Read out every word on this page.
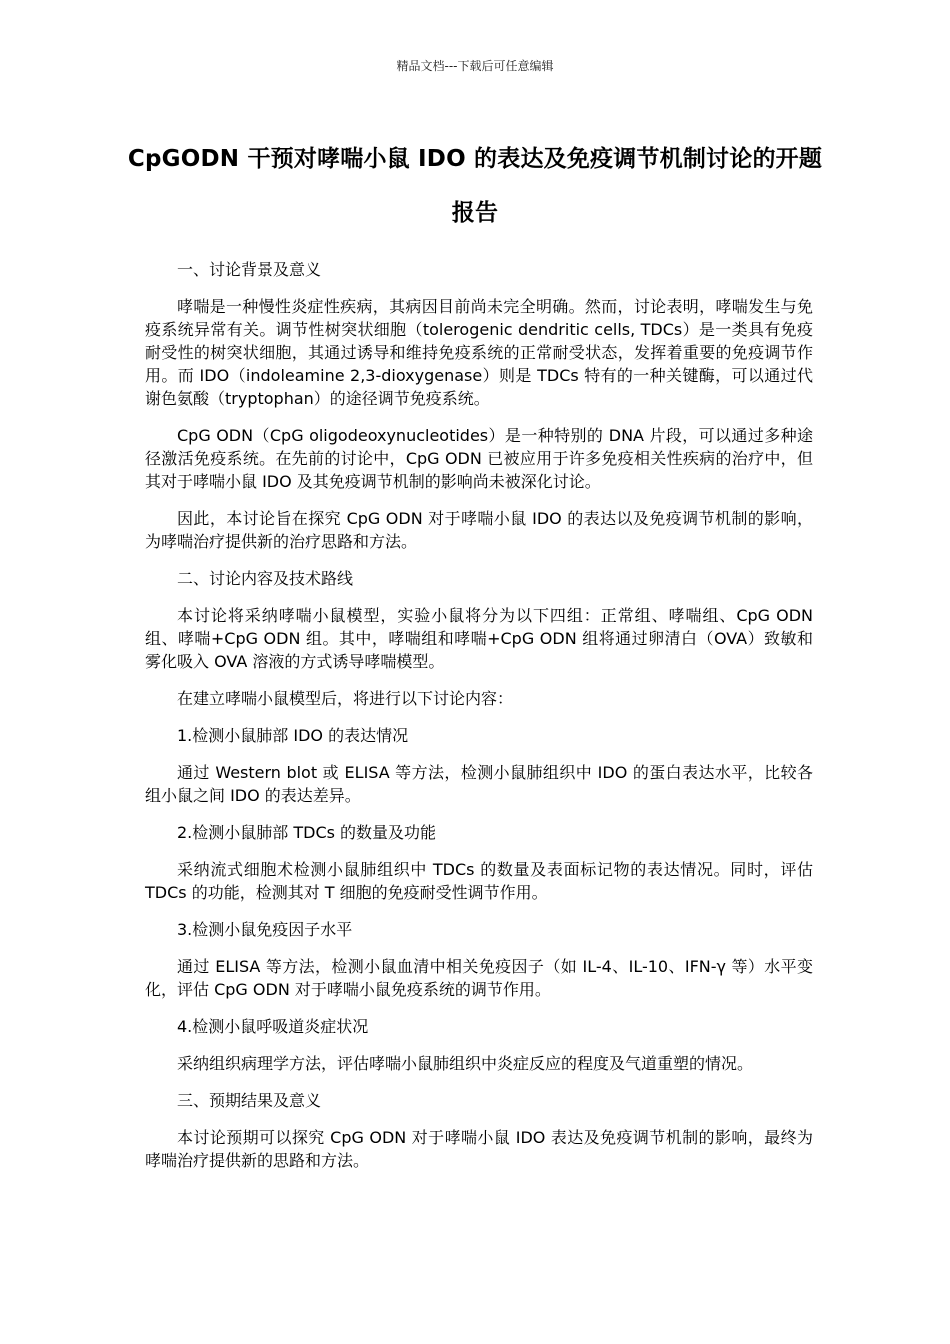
精品文档---下载后可任意编辑
CpGODN 干预对哮喘小鼠 IDO 的表达及免疫调节机制讨论的开题报告

一、讨论背景及意义

哮喘是一种慢性炎症性疾病，其病因目前尚未完全明确。然而，讨论表明，哮喘发生与免疫系统异常有关。调节性树突状细胞（tolerogenic dendritic cells, TDCs）是一类具有免疫耐受性的树突状细胞，其通过诱导和维持免疫系统的正常耐受状态，发挥着重要的免疫调节作用。而 IDO（indoleamine 2,3-dioxygenase）则是 TDCs 特有的一种关键酶，可以通过代谢色氨酸（tryptophan）的途径调节免疫系统。

CpG ODN（CpG oligodeoxynucleotides）是一种特别的 DNA 片段，可以通过多种途径激活免疫系统。在先前的讨论中，CpG ODN 已被应用于许多免疫相关性疾病的治疗中，但其对于哮喘小鼠 IDO 及其免疫调节机制的影响尚未被深化讨论。

因此，本讨论旨在探究 CpG ODN 对于哮喘小鼠 IDO 的表达以及免疫调节机制的影响，为哮喘治疗提供新的治疗思路和方法。

二、讨论内容及技术路线

本讨论将采纳哮喘小鼠模型，实验小鼠将分为以下四组：正常组、哮喘组、CpG ODN 组、哮喘+CpG ODN 组。其中，哮喘组和哮喘+CpG ODN 组将通过卵清白（OVA）致敏和雾化吸入 OVA 溶液的方式诱导哮喘模型。

在建立哮喘小鼠模型后，将进行以下讨论内容：

1.检测小鼠肺部 IDO 的表达情况

通过 Western blot 或 ELISA 等方法，检测小鼠肺组织中 IDO 的蛋白表达水平，比较各组小鼠之间 IDO 的表达差异。

2.检测小鼠肺部 TDCs 的数量及功能

采纳流式细胞术检测小鼠肺组织中 TDCs 的数量及表面标记物的表达情况。同时，评估 TDCs 的功能，检测其对 T 细胞的免疫耐受性调节作用。

3.检测小鼠免疫因子水平

通过 ELISA 等方法，检测小鼠血清中相关免疫因子（如 IL-4、IL-10、IFN-γ 等）水平变化，评估 CpG ODN 对于哮喘小鼠免疫系统的调节作用。

4.检测小鼠呼吸道炎症状况

采纳组织病理学方法，评估哮喘小鼠肺组织中炎症反应的程度及气道重塑的情况。

三、预期结果及意义

本讨论预期可以探究 CpG ODN 对于哮喘小鼠 IDO 表达及免疫调节机制的影响，最终为哮喘治疗提供新的思路和方法。
